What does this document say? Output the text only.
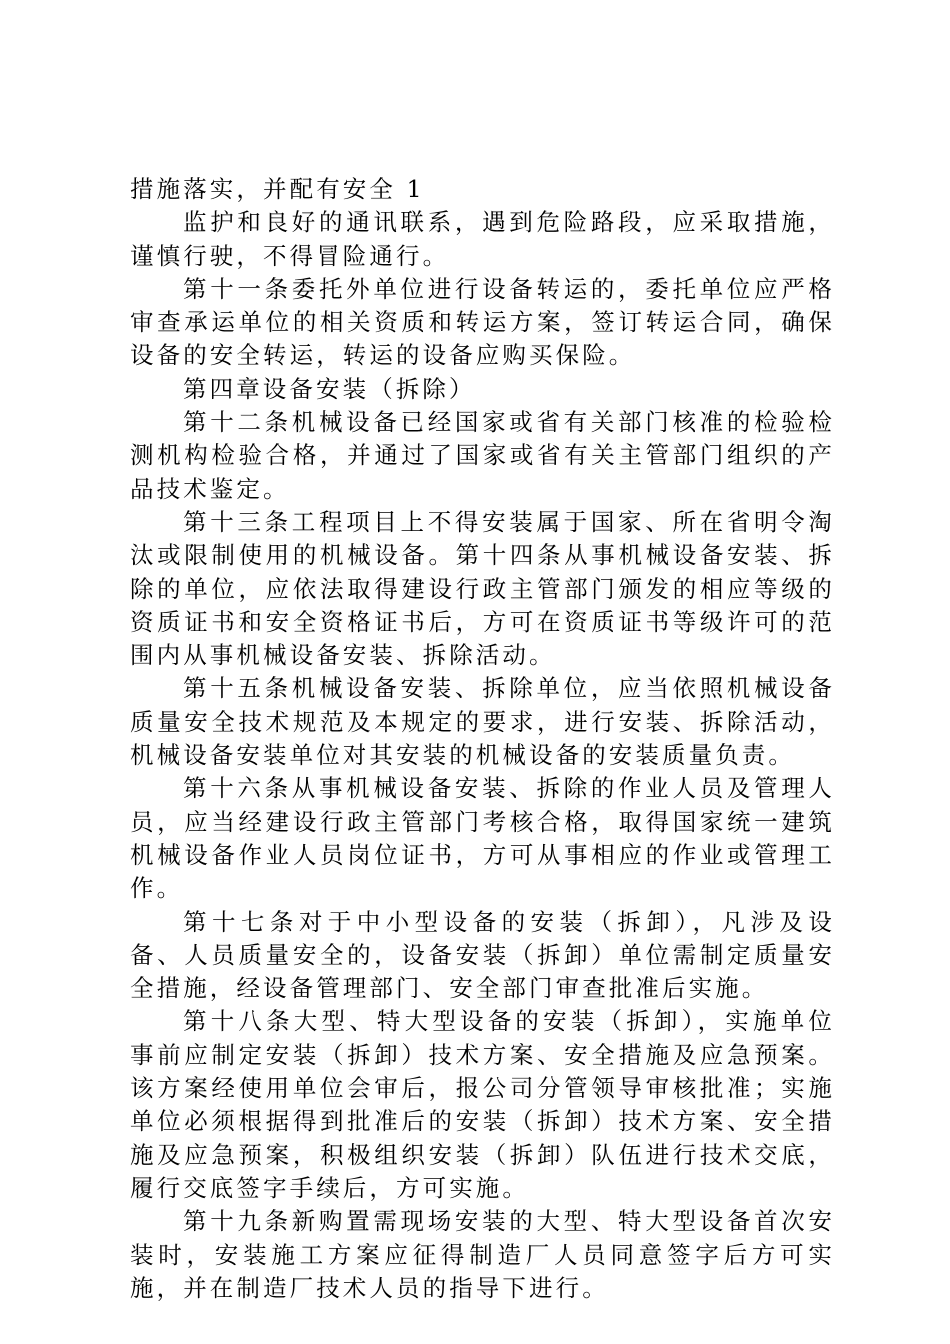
措施落实，并配有安全 1

监护和良好的通讯联系，遇到危险路段，应采取措施，谨慎行驶，不得冒险通行。

第十一条委托外单位进行设备转运的，委托单位应严格审查承运单位的相关资质和转运方案，签订转运合同，确保设备的安全转运，转运的设备应购买保险。

第四章设备安装（拆除）

第十二条机械设备已经国家或省有关部门核准的检验检测机构检验合格，并通过了国家或省有关主管部门组织的产品技术鉴定。

第十三条工程项目上不得安装属于国家、所在省明令淘汰或限制使用的机械设备。第十四条从事机械设备安装、拆除的单位，应依法取得建设行政主管部门颁发的相应等级的资质证书和安全资格证书后，方可在资质证书等级许可的范围内从事机械设备安装、拆除活动。

第十五条机械设备安装、拆除单位，应当依照机械设备质量安全技术规范及本规定的要求，进行安装、拆除活动，机械设备安装单位对其安装的机械设备的安装质量负责。

第十六条从事机械设备安装、拆除的作业人员及管理人员，应当经建设行政主管部门考核合格，取得国家统一建筑机械设备作业人员岗位证书，方可从事相应的作业或管理工作。

第十七条对于中小型设备的安装（拆卸），凡涉及设备、人员质量安全的，设备安装（拆卸）单位需制定质量安全措施，经设备管理部门、安全部门审查批准后实施。

第十八条大型、特大型设备的安装（拆卸），实施单位事前应制定安装（拆卸）技术方案、安全措施及应急预案。该方案经使用单位会审后，报公司分管领导审核批准；实施单位必须根据得到批准后的安装（拆卸）技术方案、安全措施及应急预案，积极组织安装（拆卸）队伍进行技术交底，履行交底签字手续后，方可实施。

第十九条新购置需现场安装的大型、特大型设备首次安装时，安装施工方案应征得制造厂人员同意签字后方可实施，并在制造厂技术人员的指导下进行。
